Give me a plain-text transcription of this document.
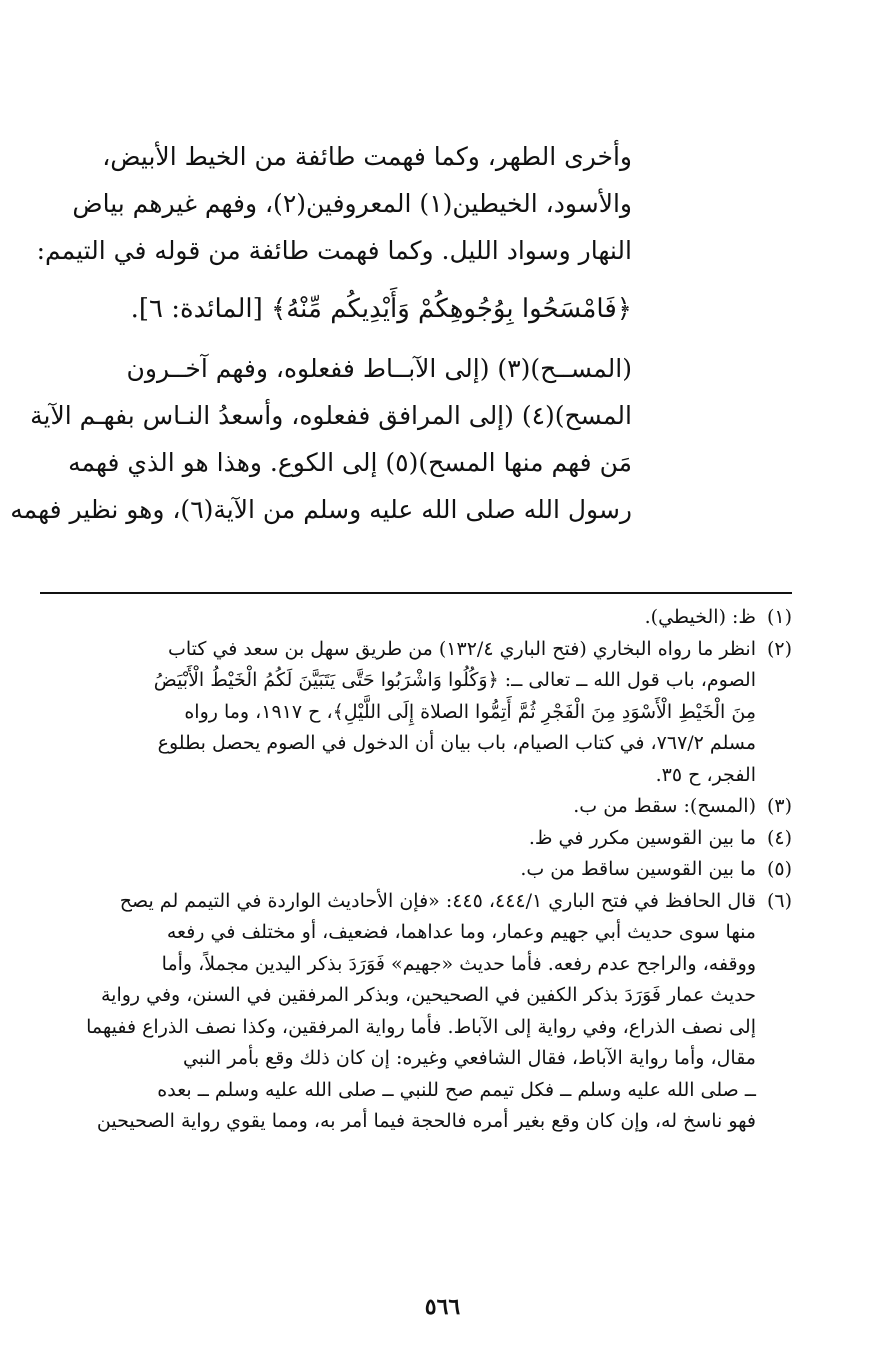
وأخرى الطهر، وكما فهمت طائفة من الخيط الأبيض،
والأسود، الخيطين(١) المعروفين(٢)، وفهم غيرهم بياض
النهار وسواد الليل. وكما فهمت طائفة من قوله في التيمم:
﴿فَامْسَحُوا بِوُجُوهِكُمْ وَأَيْدِيكُم مِّنْهُ﴾ [المائدة: ٦].
(المســح)(٣) (إلى الآبــاط ففعلوه، وفهم آخــرون
المسح)(٤) (إلى المرافق ففعلوه، وأسعدُ النـاس بفهـم الآية
مَن فهم منها المسح)(٥) إلى الكوع. وهذا هو الذي فهمه
رسول الله صلى الله عليه وسلم من الآية(٦)، وهو نظير فهمه
(١)
ظ: (الخيطي).
(٢)
انظر ما رواه البخاري (فتح الباري ١٣٢/٤) من طريق سهل بن سعد في كتاب
الصوم، باب قول الله ــ تعالى ــ: ﴿وَكُلُوا وَاشْرَبُوا حَتَّى يَتَبَيَّنَ لَكُمُ الْخَيْطُ الْأَبْيَضُ
مِنَ الْخَيْطِ الْأَسْوَدِ مِنَ الْفَجْرِ ثُمَّ أَتِمُّوا الصلاة إِلَى اللَّيْلِ﴾، ح ١٩١٧، وما رواه
مسلم ٧٦٧/٢، في كتاب الصيام، باب بيان أن الدخول في الصوم يحصل بطلوع
الفجر، ح ٣٥.
(٣)
(المسح): سقط من ب.
(٤)
ما بين القوسين مكرر في ظ.
(٥)
ما بين القوسين ساقط من ب.
(٦)
قال الحافظ في فتح الباري ٤٤٤/١، ٤٤٥: «فإن الأحاديث الواردة في التيمم لم يصح
منها سوى حديث أبي جهيم وعمار، وما عداهما، فضعيف، أو مختلف في رفعه
ووقفه، والراجح عدم رفعه. فأما حديث «جهيم» فَوَرَدَ بذكر اليدين مجملاً، وأما
حديث عمار فَوَرَدَ بذكر الكفين في الصحيحين، وبذكر المرفقين في السنن، وفي رواية
إلى نصف الذراع، وفي رواية إلى الآباط. فأما رواية المرفقين، وكذا نصف الذراع ففيهما
مقال، وأما رواية الآباط، فقال الشافعي وغيره: إن كان ذلك وقع بأمر النبي
ــ صلى الله عليه وسلم ــ فكل تيمم صح للنبي ــ صلى الله عليه وسلم ــ بعده
فهو ناسخ له، وإن كان وقع بغير أمره فالحجة فيما أمر به، ومما يقوي رواية الصحيحين
٥٦٦
